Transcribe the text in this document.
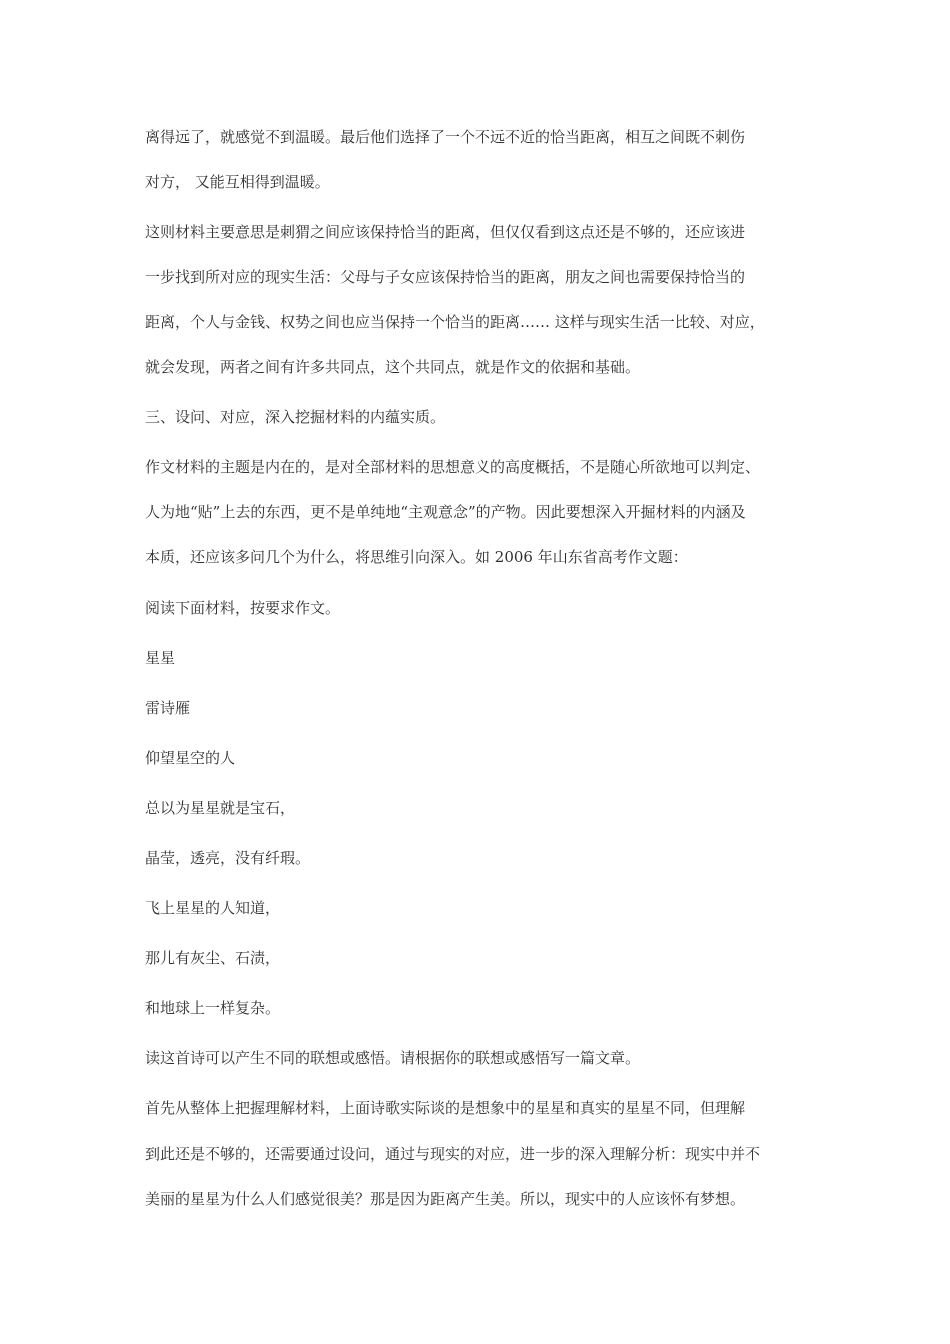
离得远了，就感觉不到温暖。最后他们选择了一个不远不近的恰当距离，相互之间既不刺伤
对方， 又能互相得到温暖。
这则材料主要意思是刺猬之间应该保持恰当的距离，但仅仅看到这点还是不够的，还应该进
一步找到所对应的现实生活：父母与子女应该保持恰当的距离，朋友之间也需要保持恰当的
距离，个人与金钱、权势之间也应当保持一个恰当的距离…… 这样与现实生活一比较、对应，
就会发现，两者之间有许多共同点，这个共同点，就是作文的依据和基础。
三、设问、对应，深入挖掘材料的内蕴实质。
作文材料的主题是内在的，是对全部材料的思想意义的高度概括，不是随心所欲地可以判定、
人为地“贴”上去的东西，更不是单纯地“主观意念”的产物。因此要想深入开掘材料的内涵及
本质，还应该多问几个为什么，将思维引向深入。如 2006 年山东省高考作文题：
阅读下面材料，按要求作文。
星星
雷诗雁
仰望星空的人
总以为星星就是宝石，
晶莹，透亮，没有纤瑕。
飞上星星的人知道，
那儿有灰尘、石渍，
和地球上一样复杂。
读这首诗可以产生不同的联想或感悟。请根据你的联想或感悟写一篇文章。
首先从整体上把握理解材料，上面诗歌实际谈的是想象中的星星和真实的星星不同，但理解
到此还是不够的，还需要通过设问，通过与现实的对应，进一步的深入理解分析：现实中并不
美丽的星星为什么人们感觉很美？那是因为距离产生美。所以，现实中的人应该怀有梦想。
